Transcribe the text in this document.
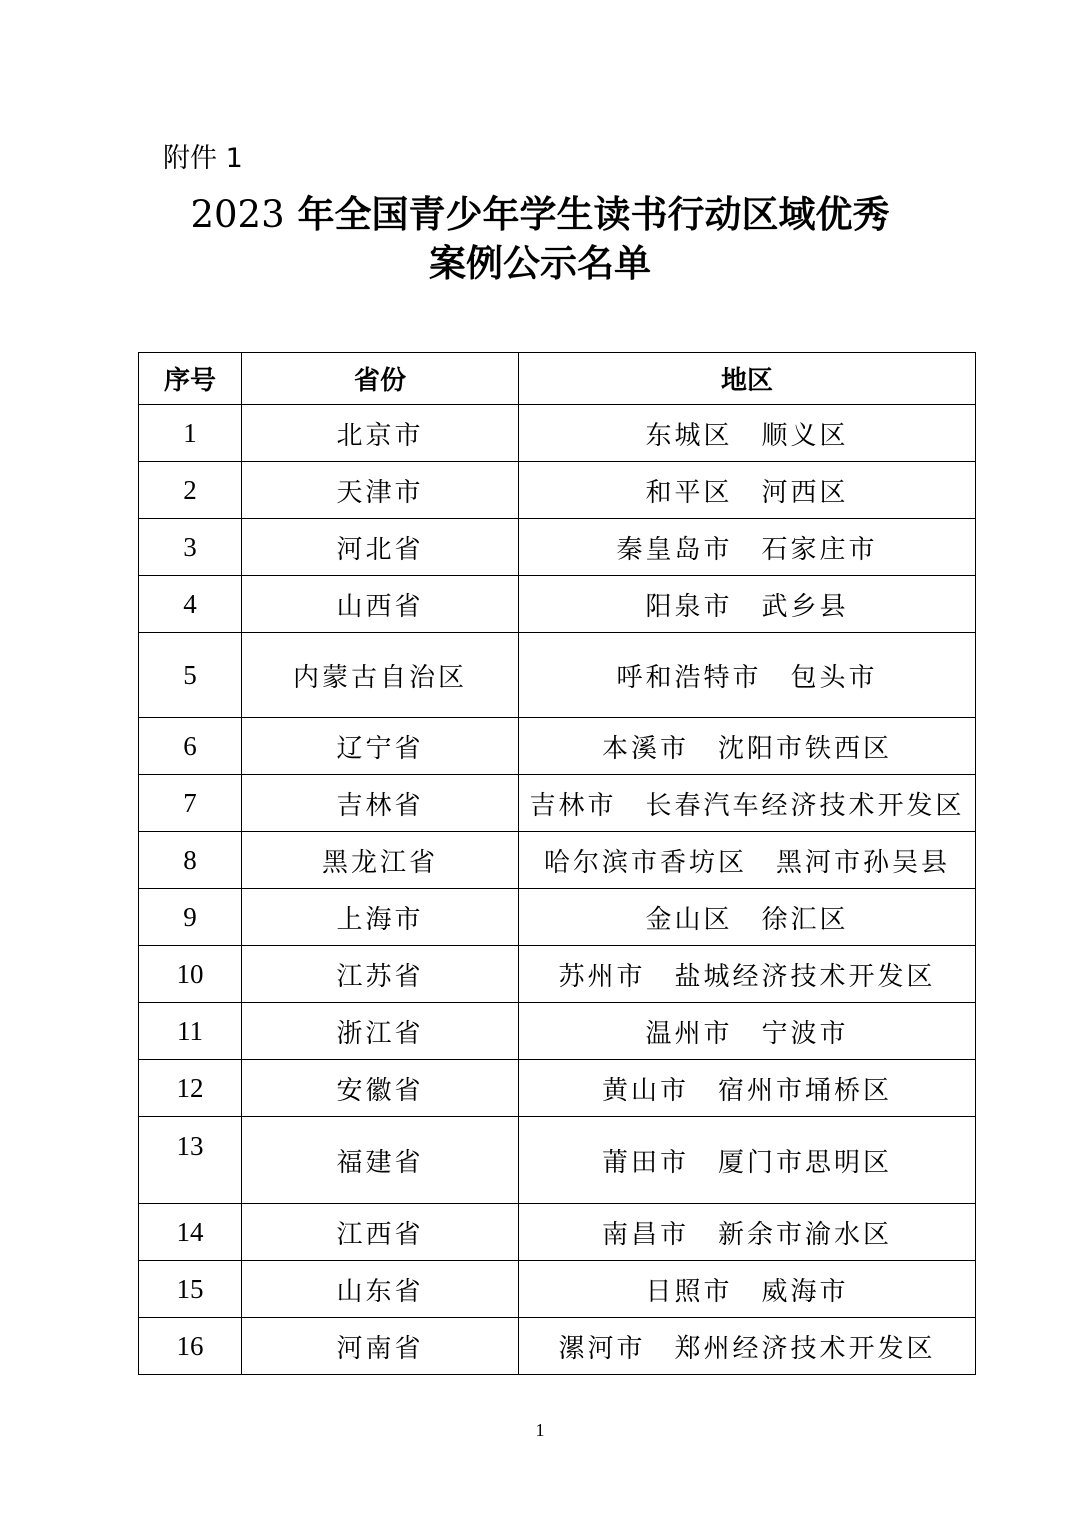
附件 1
2023 年全国青少年学生读书行动区域优秀
案例公示名单
序号	省份	地区
1	北京市	东城区　顺义区
2	天津市	和平区　河西区
3	河北省	秦皇岛市　石家庄市
4	山西省	阳泉市　武乡县
5	内蒙古自治区	呼和浩特市　包头市
6	辽宁省	本溪市　沈阳市铁西区
7	吉林省	吉林市　长春汽车经济技术开发区
8	黑龙江省	哈尔滨市香坊区　黑河市孙吴县
9	上海市	金山区　徐汇区
10	江苏省	苏州市　盐城经济技术开发区
11	浙江省	温州市　宁波市
12	安徽省	黄山市　宿州市埇桥区
13	福建省	莆田市　厦门市思明区
14	江西省	南昌市　新余市渝水区
15	山东省	日照市　威海市
16	河南省	漯河市　郑州经济技术开发区
1
